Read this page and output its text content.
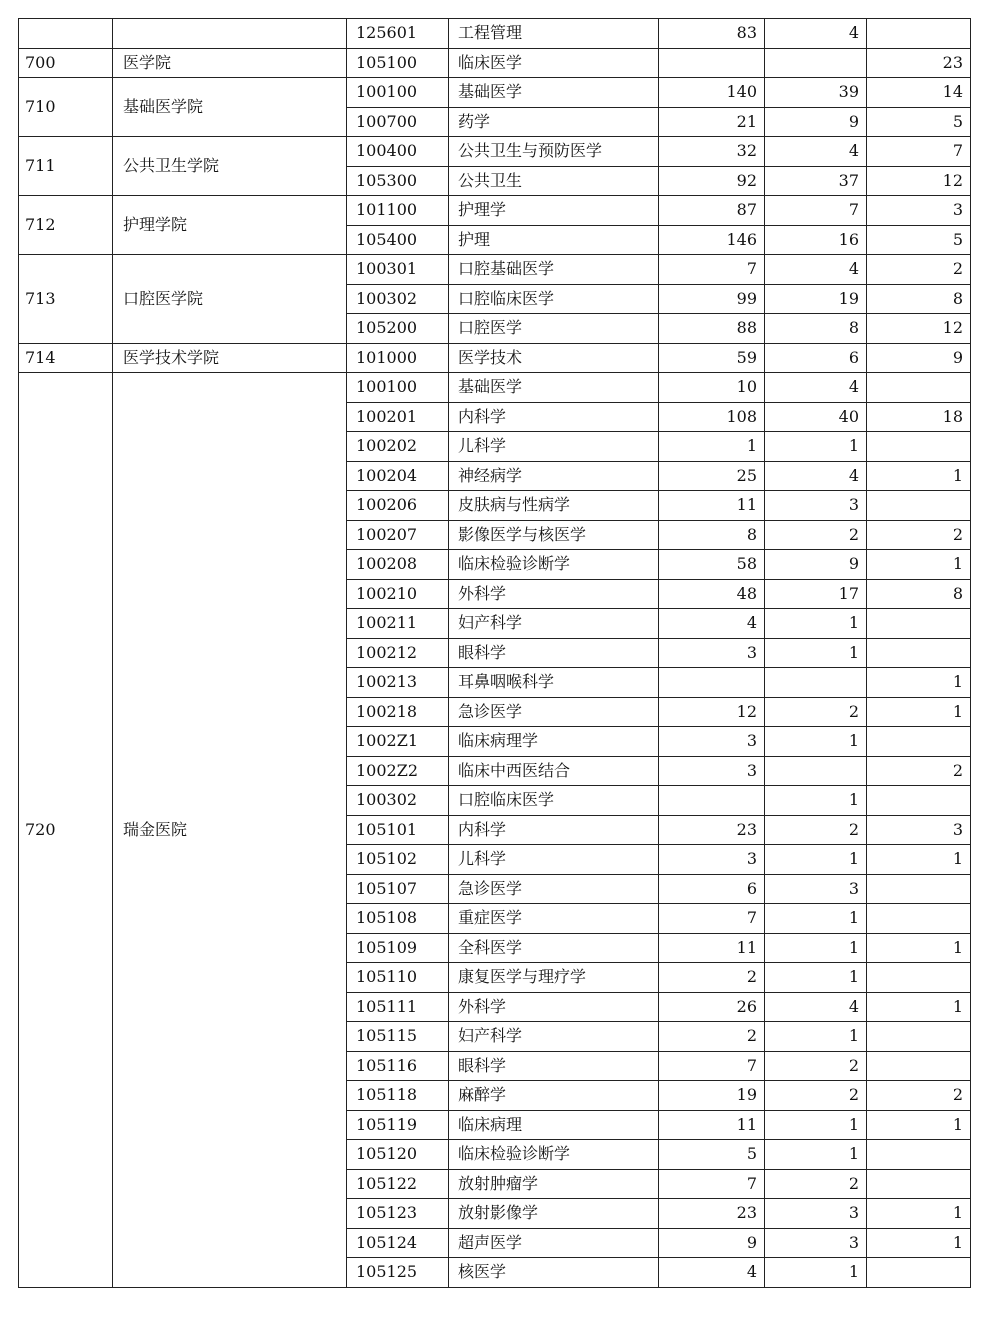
		125601	工程管理	83	4	
700	医学院	105100	临床医学			23
710	基础医学院	100100	基础医学	140	39	14
		100700	药学	21	9	5
711	公共卫生学院	100400	公共卫生与预防医学	32	4	7
		105300	公共卫生	92	37	12
712	护理学院	101100	护理学	87	7	3
		105400	护理	146	16	5
713	口腔医学院	100301	口腔基础医学	7	4	2
		100302	口腔临床医学	99	19	8
		105200	口腔医学	88	8	12
714	医学技术学院	101000	医学技术	59	6	9
720	瑞金医院	100100	基础医学	10	4	
		100201	内科学	108	40	18
		100202	儿科学	1	1	
		100204	神经病学	25	4	1
		100206	皮肤病与性病学	11	3	
		100207	影像医学与核医学	8	2	2
		100208	临床检验诊断学	58	9	1
		100210	外科学	48	17	8
		100211	妇产科学	4	1	
		100212	眼科学	3	1	
		100213	耳鼻咽喉科学			1
		100218	急诊医学	12	2	1
		1002Z1	临床病理学	3	1	
		1002Z2	临床中西医结合	3		2
		100302	口腔临床医学		1	
		105101	内科学	23	2	3
		105102	儿科学	3	1	1
		105107	急诊医学	6	3	
		105108	重症医学	7	1	
		105109	全科医学	11	1	1
		105110	康复医学与理疗学	2	1	
		105111	外科学	26	4	1
		105115	妇产科学	2	1	
		105116	眼科学	7	2	
		105118	麻醉学	19	2	2
		105119	临床病理	11	1	1
		105120	临床检验诊断学	5	1	
		105122	放射肿瘤学	7	2	
		105123	放射影像学	23	3	1
		105124	超声医学	9	3	1
		105125	核医学	4	1	
